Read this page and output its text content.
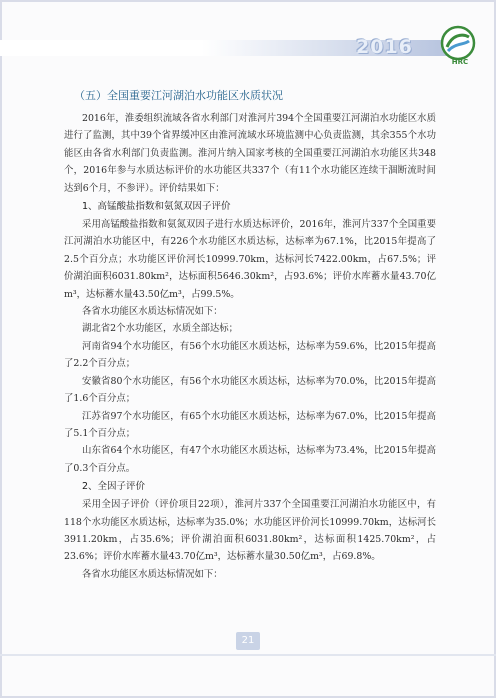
2016
HRC
（五）全国重要江河湖泊水功能区水质状况

2016年，淮委组织流域各省水利部门对淮河片394个全国重要江河湖泊水功能区水质进行了监测，其中39个省界缓冲区由淮河流域水环境监测中心负责监测，其余355个水功能区由各省水利部门负责监测。淮河片纳入国家考核的全国重要江河湖泊水功能区共348个，2016年参与水质达标评价的水功能区共337个（有11个水功能区连续干涸断流时间达到6个月，不参评）。评价结果如下：

1、高锰酸盐指数和氨氮双因子评价

采用高锰酸盐指数和氨氮双因子进行水质达标评价，2016年，淮河片337个全国重要江河湖泊水功能区中，有226个水功能区水质达标，达标率为67.1%，比2015年提高了2.5个百分点；水功能区评价河长10999.70km，达标河长7422.00km，占67.5%；评价湖泊面积6031.80km²，达标面积5646.30km²，占93.6%；评价水库蓄水量43.70亿m³，达标蓄水量43.50亿m³，占99.5%。

各省水功能区水质达标情况如下：

湖北省2个水功能区，水质全部达标；

河南省94个水功能区，有56个水功能区水质达标，达标率为59.6%，比2015年提高了2.2个百分点；

安徽省80个水功能区，有56个水功能区水质达标，达标率为70.0%，比2015年提高了1.6个百分点；

江苏省97个水功能区，有65个水功能区水质达标，达标率为67.0%，比2015年提高了5.1个百分点；

山东省64个水功能区，有47个水功能区水质达标，达标率为73.4%，比2015年提高了0.3个百分点。

2、全因子评价

采用全因子评价（评价项目22项），淮河片337个全国重要江河湖泊水功能区中，有118个水功能区水质达标，达标率为35.0%；水功能区评价河长10999.70km，达标河长3911.20km，占35.6%；评价湖泊面积6031.80km²，达标面积1425.70km²，占23.6%；评价水库蓄水量43.70亿m³，达标蓄水量30.50亿m³，占69.8%。

各省水功能区水质达标情况如下：

21
